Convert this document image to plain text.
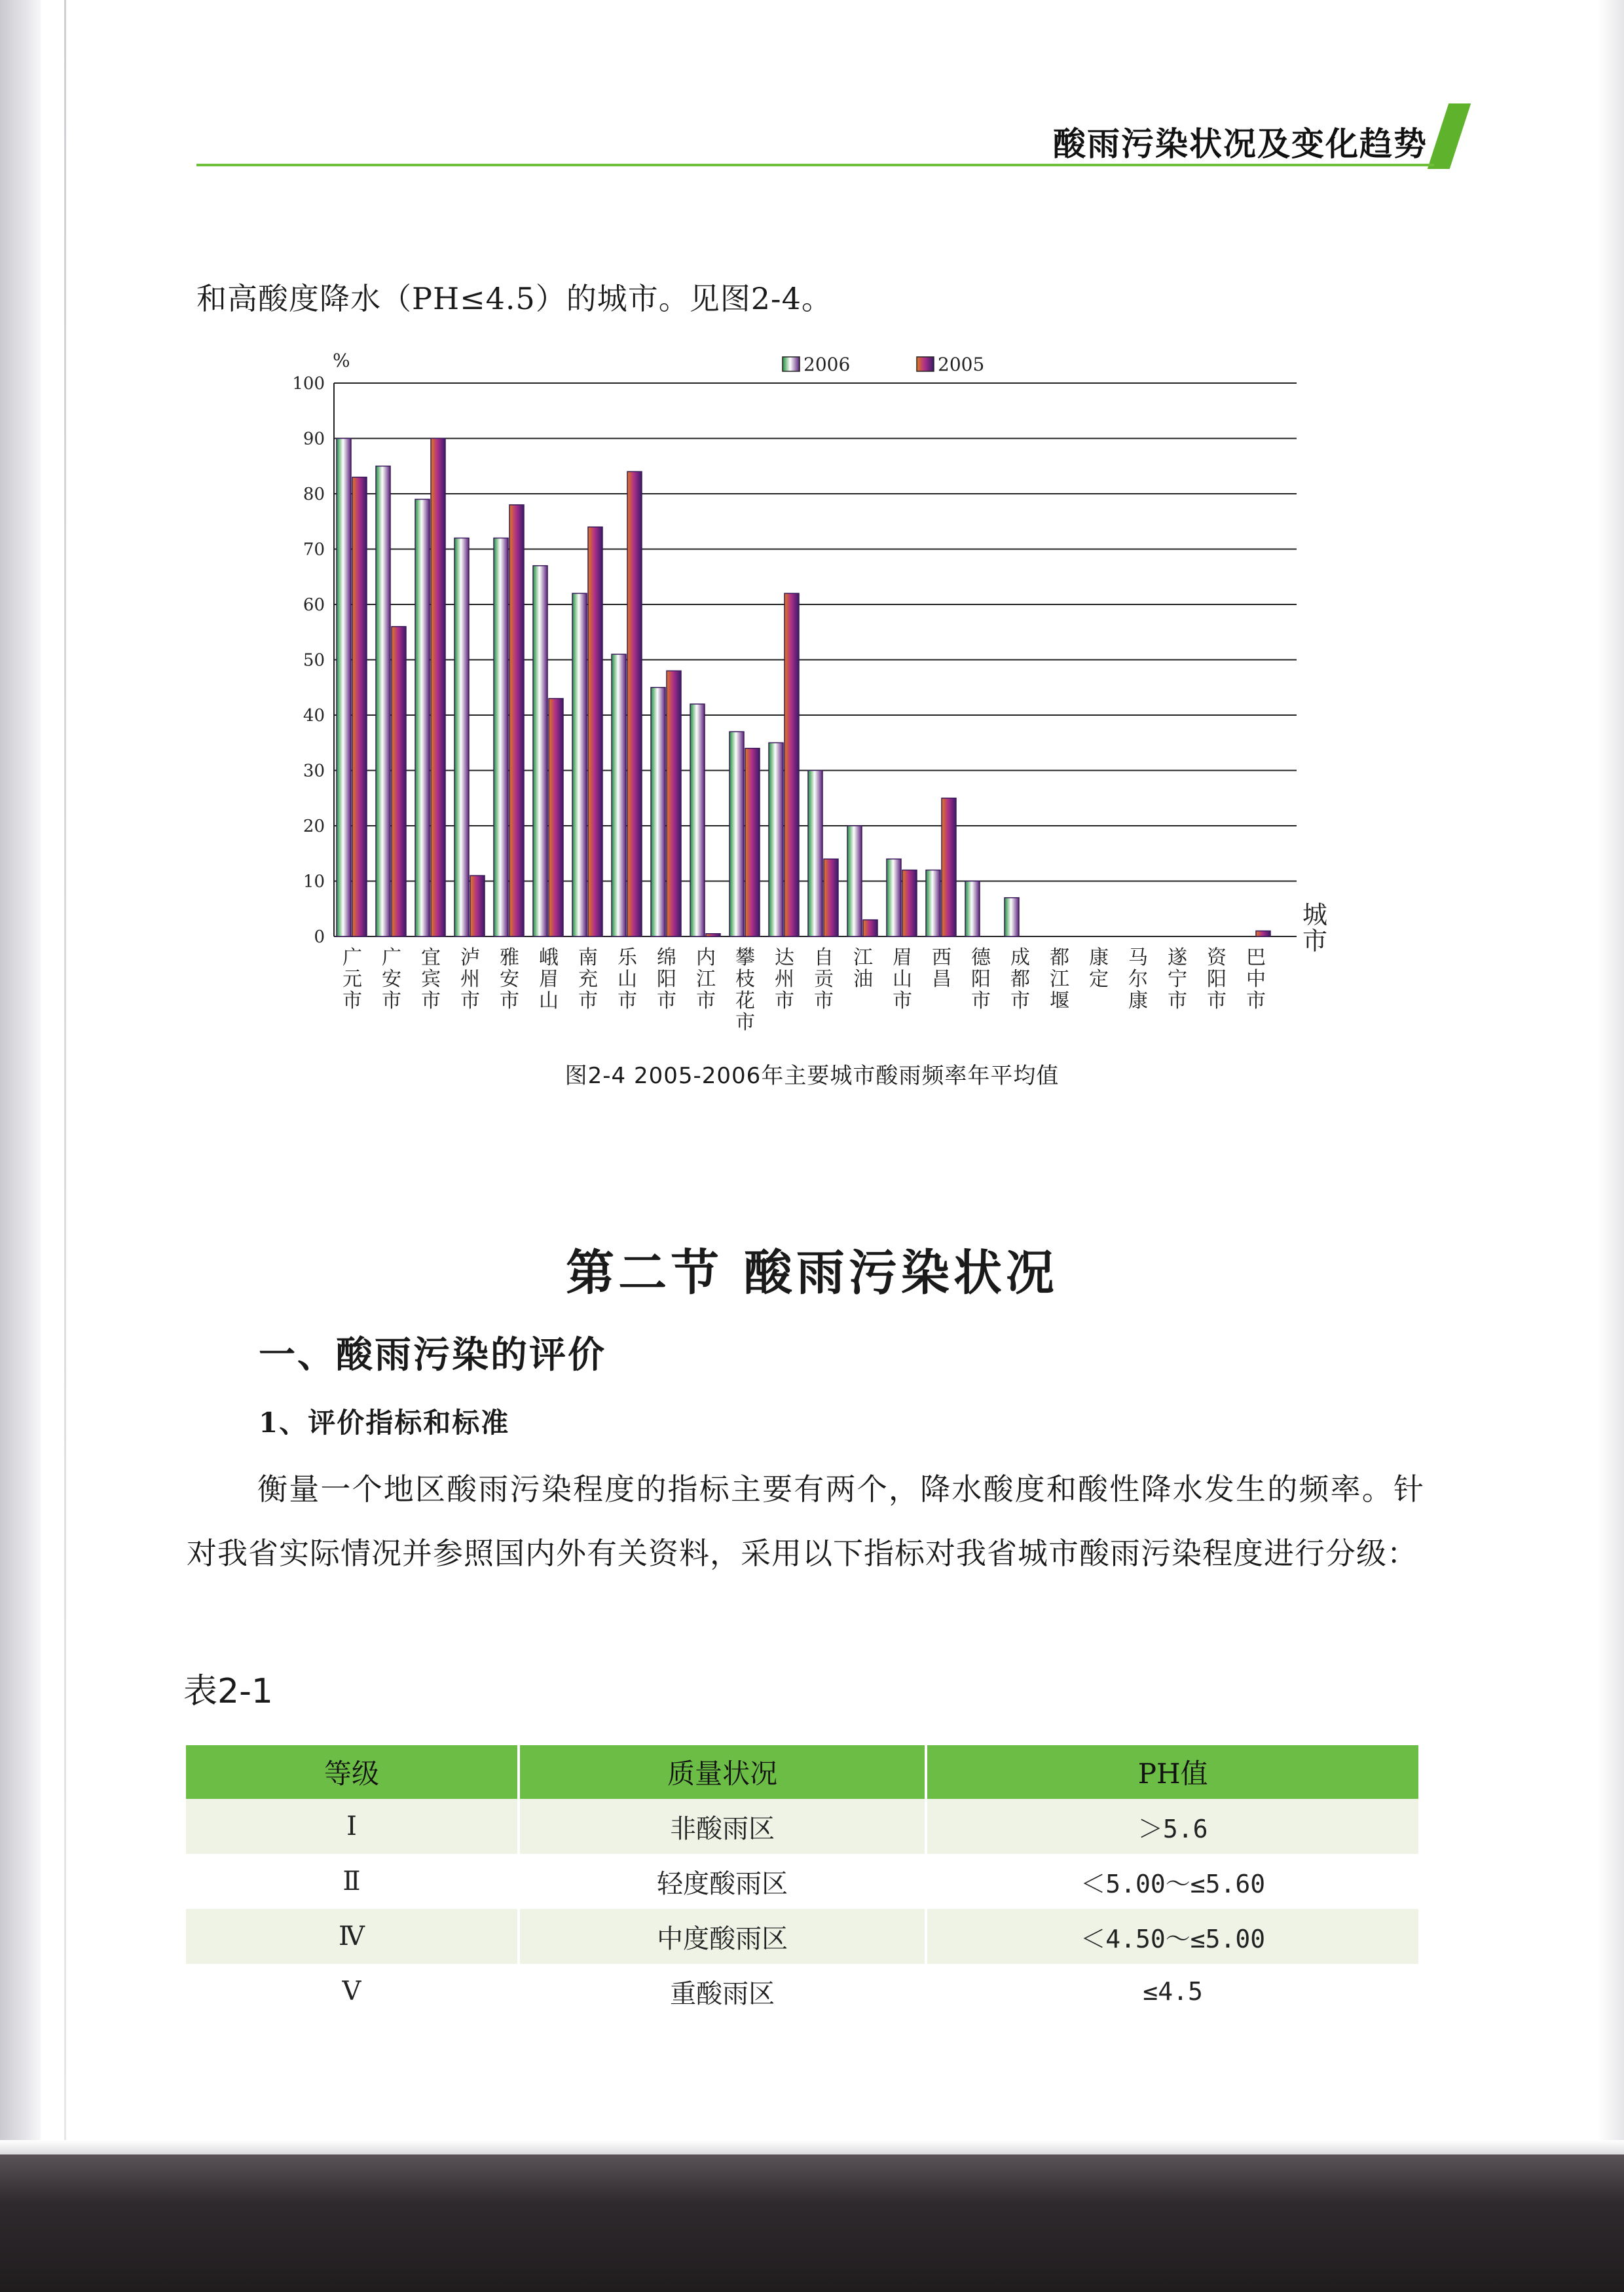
酸雨污染状况及变化趋势
和高酸度降水（PH≤4.5）的城市。见图2-4。
0
10
20
30
40
50
60
70
80
90
100
广元市
广安市
宜宾市
泸州市
雅安市
峨眉山
南充市
乐山市
绵阳市
内江市
攀枝花市
达州市
自贡市
江油
眉山市
西昌
德阳市
成都市
都江堰
康定
马尔康
遂宁市
资阳市
巴中市
2006	2005
%
城市
图2-4 2005-2006年主要城市酸雨频率年平均值
第二节 酸雨污染状况
一、酸雨污染的评价
1、评价指标和标准
衡量一个地区酸雨污染程度的指标主要有两个，降水酸度和酸性降水发生的频率。针对我省实际情况并参照国内外有关资料，采用以下指标对我省城市酸雨污染程度进行分级：
表2-1
等级	质量状况	PH值
Ⅰ	非酸雨区	＞5.6
Ⅱ	轻度酸雨区	＜5.00～≤5.60
Ⅳ	中度酸雨区	＜4.50～≤5.00
Ⅴ	重酸雨区	≤4.5
